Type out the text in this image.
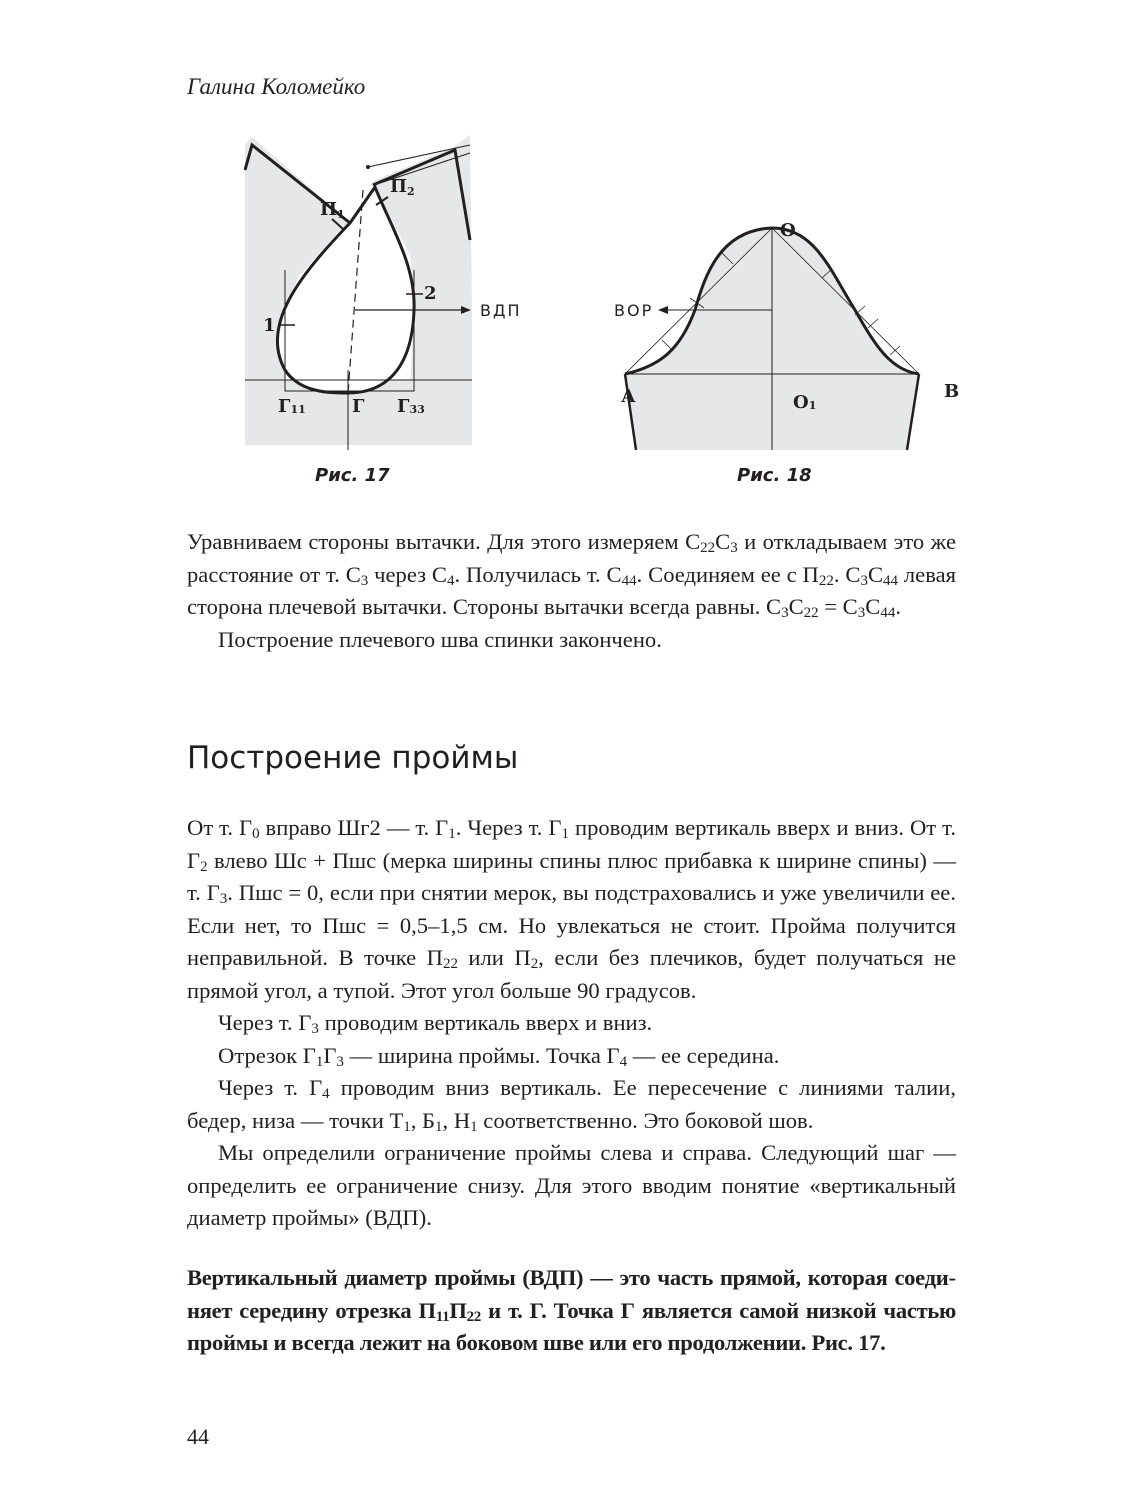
Галина Коломейко
П1
П2
1
2
ВДП
Г11	Г Г33
Рис. 17
О
ВОР
А	О1
В
Рис. 18

Уравниваем стороны вытачки. Для этого измеряем $С_{22}С_3$ и откладываем это же расстояние от т. $С_3$ через $С_4$. Получилась т. $С_{44}$. Соединяем ее с $П_{22}$. $С_3С_{44}$ левая сторона плечевой вытачки. Стороны вытачки всегда равны. $С_3С_{22} = С_3С_{44}$.

Построение плечевого шва спинки закончено.

Построение проймы

От т. $Г_0$ вправо Шг2 — т. $Г_1$. Через т. $Г_1$ проводим вертикаль вверх и вниз. От т. $Г_2$ влево Шс + Пшс (мерка ширины спины плюс прибавка к ширине спины) — т. $Г_3$. Пшс = 0, если при снятии мерок, вы подстраховались и уже увеличили ее. Если нет, то Пшс = 0,5–1,5 см. Но увлекаться не стоит. Пройма получится неправильной. В точке $П_{22}$ или $П_2$, если без плечиков, будет получаться не прямой угол, а тупой. Этот угол больше 90 градусов.

Через т. $Г_3$ проводим вертикаль вверх и вниз.

Отрезок $Г_1Г_3$ — ширина проймы. Точка $Г_4$ — ее середина.

Через т. $Г_4$ проводим вниз вертикаль. Ее пересечение с линиями талии, бедер, низа — точки $Т_1$, $Б_1$, $Н_1$ соответственно. Это боковой шов.

Мы определили ограничение проймы слева и справа. Следующий шаг — определить ее ограничение снизу. Для этого вводим понятие «вертикальный диаметр проймы» (ВДП).

Вертикальный диаметр проймы (ВДП) — это часть прямой, которая соединяет середину отрезка $П_{11}П_{22}$ и т. Г. Точка Г является самой низкой частью проймы и всегда лежит на боковом шве или его продолжении. Рис. 17.

44
